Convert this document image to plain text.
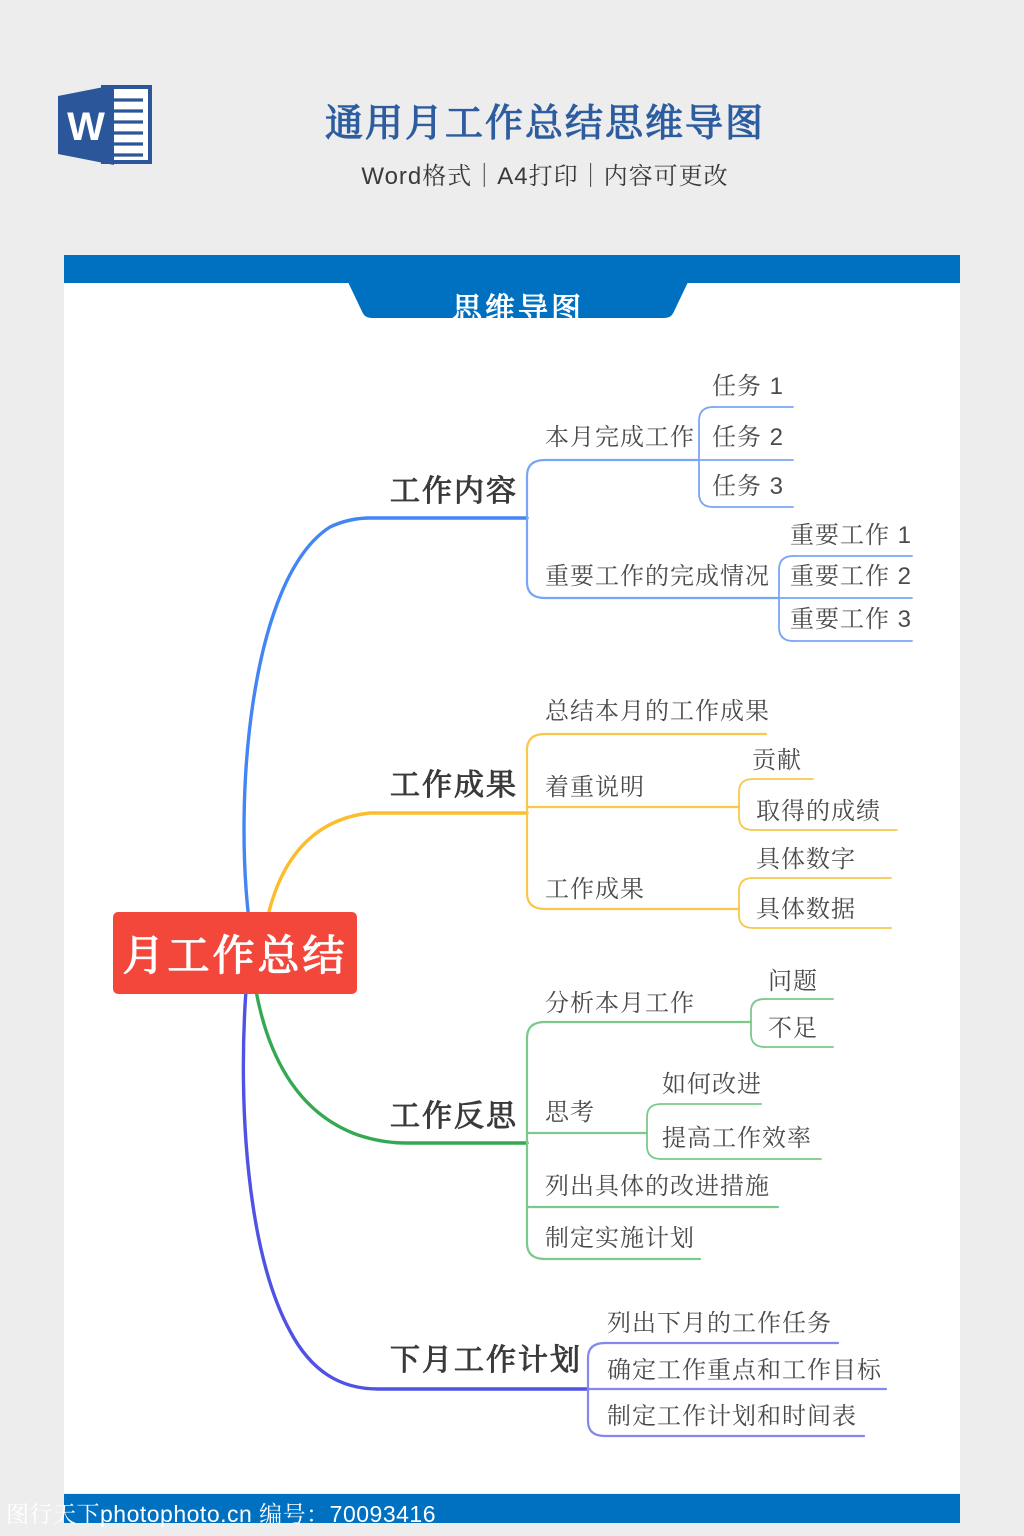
W	通用月工作总结思维导图
Word格式｜A4打印｜内容可更改
思维导图
工作内容
本月完成工作
任务 1
任务 2
任务 3
重要工作的完成情况
重要工作 1
重要工作 2
重要工作 3
工作成果
总结本月的工作成果
着重说明
贡献
取得的成绩
工作成果
具体数字
具体数据
工作反思
分析本月工作
问题
不足
思考
如何改进
提高工作效率
列出具体的改进措施
制定实施计划
下月工作计划
列出下月的工作任务
确定工作重点和工作目标
制定工作计划和时间表
月工作总结
图行天下photophoto.cn 编号：70093416
